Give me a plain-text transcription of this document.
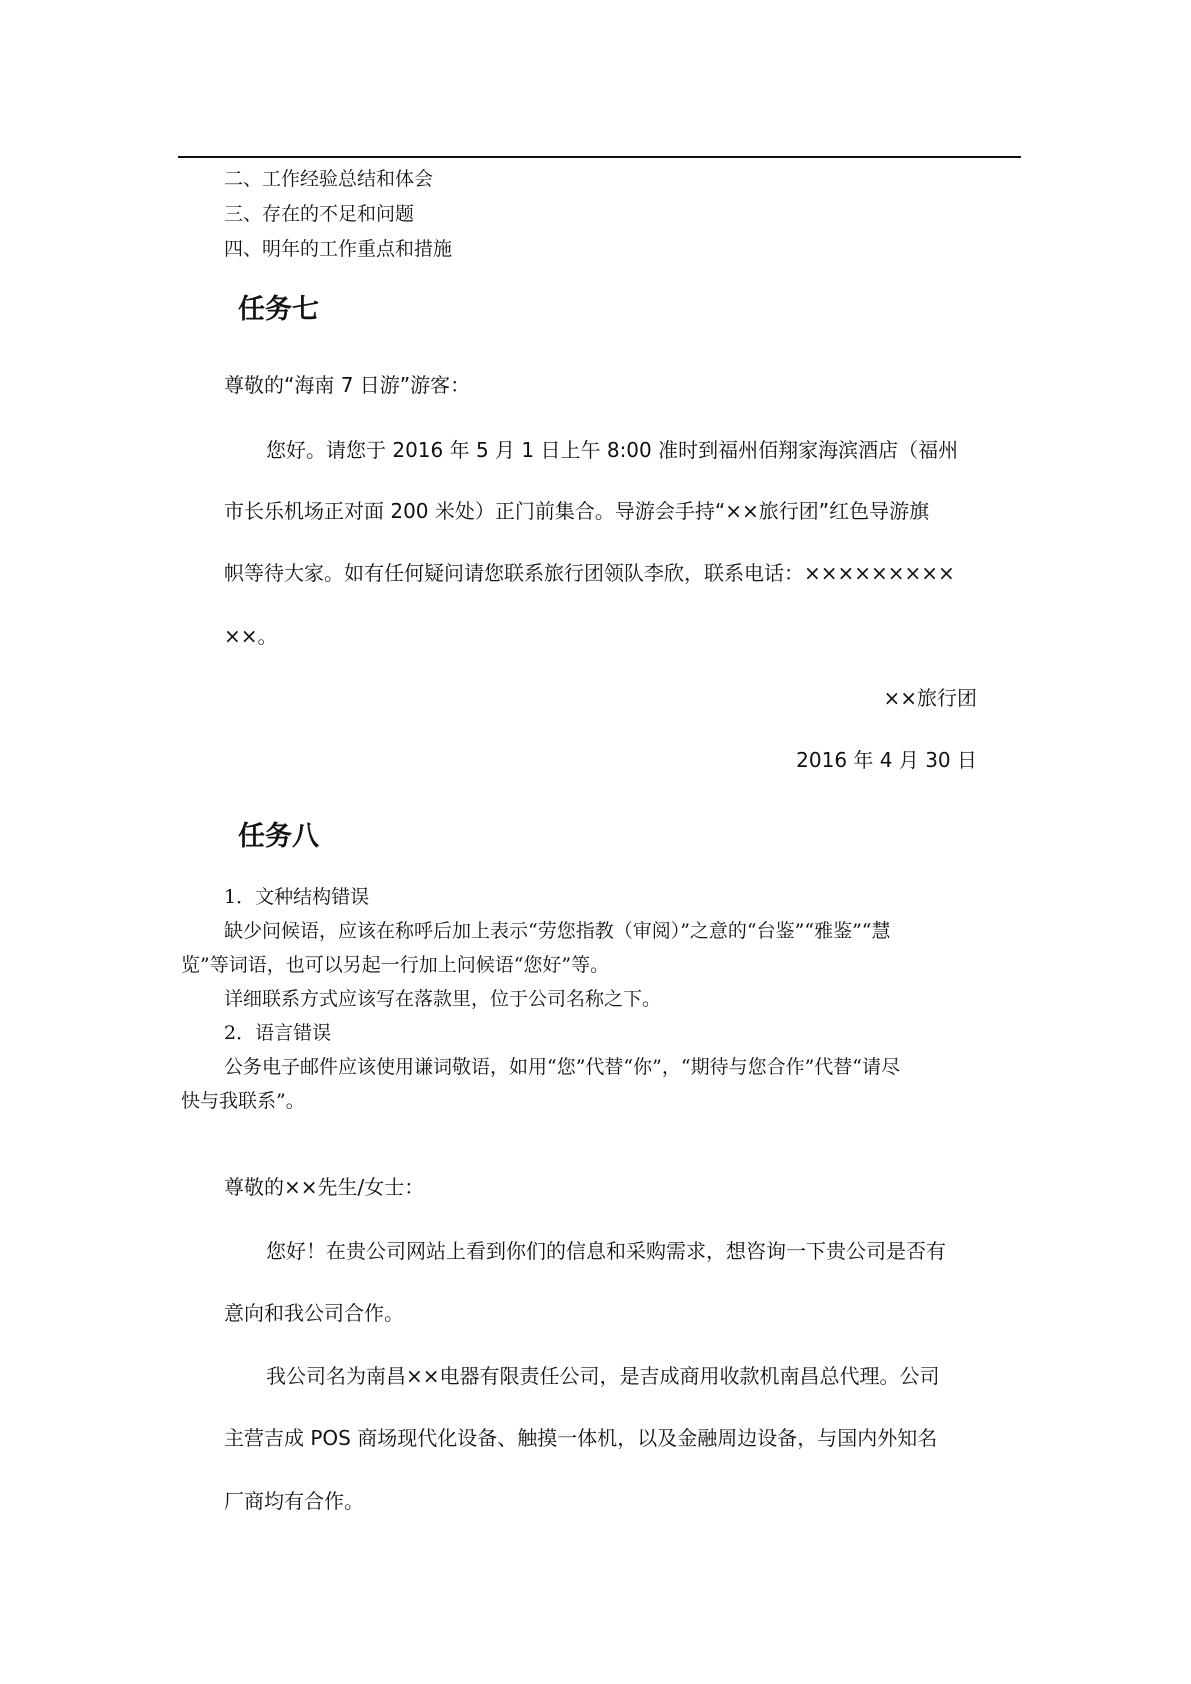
二、工作经验总结和体会
三、存在的不足和问题
四、明年的工作重点和措施
任务七
尊敬的“海南 7 日游”游客：
您好。请您于 2016 年 5 月 1 日上午 8:00 准时到福州佰翔家海滨酒店（福州
市长乐机场正对面 200 米处）正门前集合。导游会手持“××旅行团”红色导游旗
帜等待大家。如有任何疑问请您联系旅行团领队李欣，联系电话：×××××××××
××。
××旅行团
2016 年 4 月 30 日
任务八
1．文种结构错误
缺少问候语，应该在称呼后加上表示“劳您指教（审阅）”之意的“台鉴”“雅鉴”“慧
览”等词语，也可以另起一行加上问候语“您好”等。
详细联系方式应该写在落款里，位于公司名称之下。
2．语言错误
公务电子邮件应该使用谦词敬语，如用“您”代替“你”，“期待与您合作”代替“请尽
快与我联系”。
尊敬的××先生/女士：
您好！在贵公司网站上看到你们的信息和采购需求，想咨询一下贵公司是否有
意向和我公司合作。
我公司名为南昌××电器有限责任公司，是吉成商用收款机南昌总代理。公司
主营吉成 POS 商场现代化设备、触摸一体机，以及金融周边设备，与国内外知名
厂商均有合作。
